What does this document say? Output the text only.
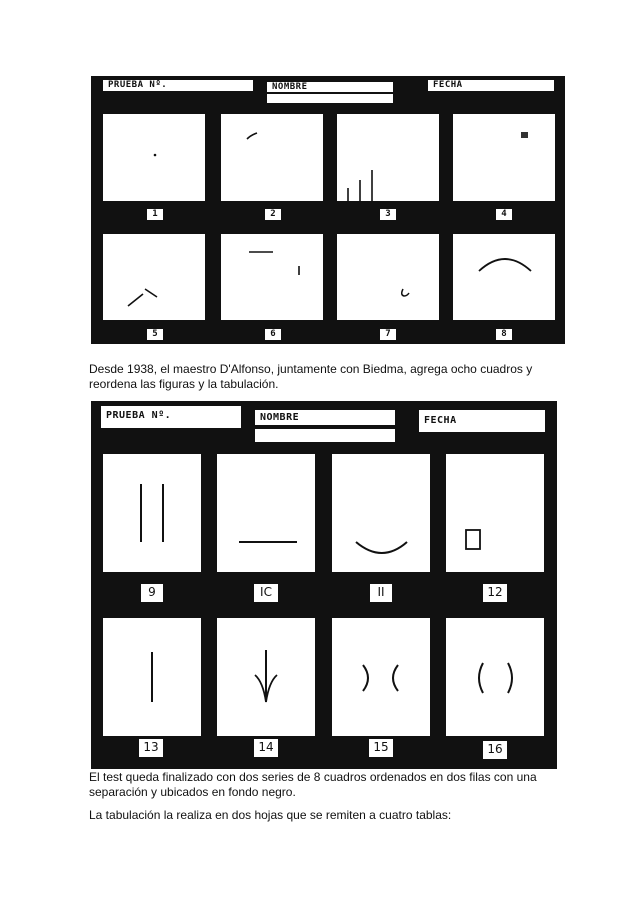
PRUEBA Nº.	NOMBRE	FECHA
1	2	3	4
5	6	7	8
Desde 1938, el maestro D'Alfonso, juntamente con Biedma, agrega ocho cuadros y reordena las figuras y la tabulación.
PRUEBA Nº.	NOMBRE	FECHA
9	IC	II	12
13	14	15	16
El test queda finalizado con dos series de 8 cuadros ordenados en dos filas con una separación y ubicados en fondo negro.
La tabulación la realiza en dos hojas que se remiten a cuatro tablas:
